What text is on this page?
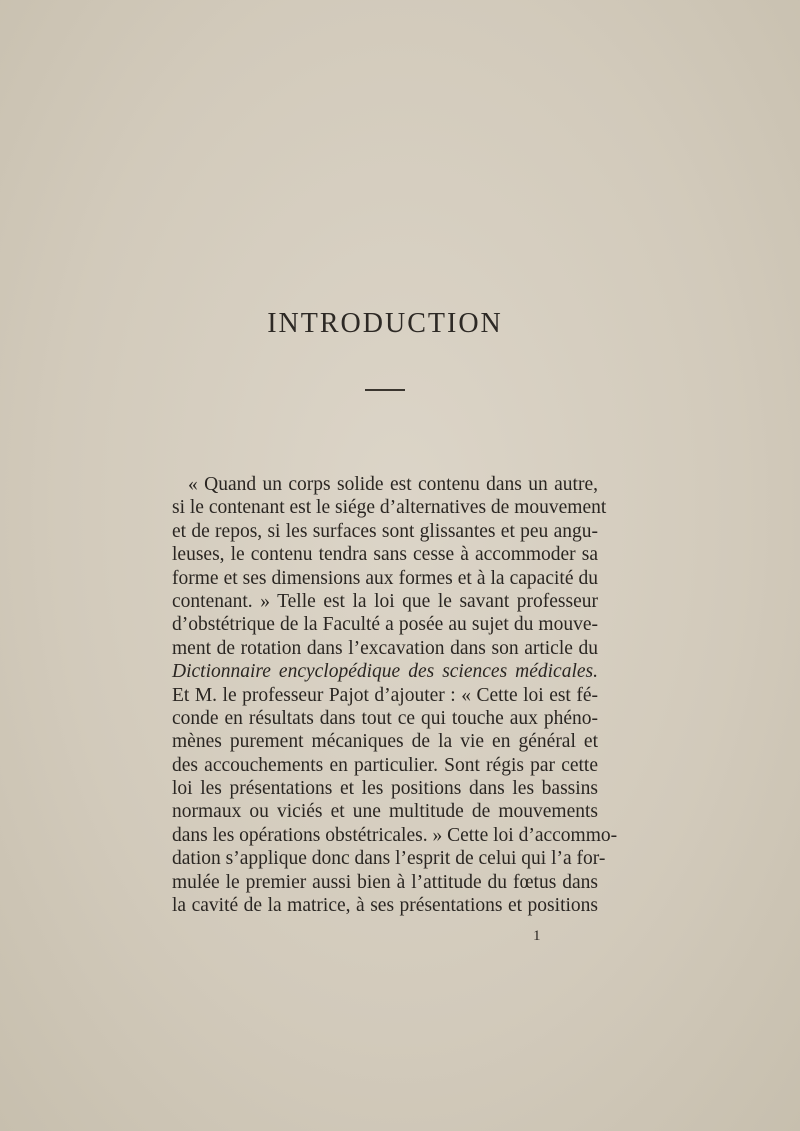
INTRODUCTION
« Quand un corps solide est contenu dans un autre,
si le contenant est le siége d’alternatives de mouvement
et de repos, si les surfaces sont glissantes et peu angu-
leuses, le contenu tendra sans cesse à accommoder sa
forme et ses dimensions aux formes et à la capacité du
contenant. » Telle est la loi que le savant professeur
d’obstétrique de la Faculté a posée au sujet du mouve-
ment de rotation dans l’excavation dans son article du
Dictionnaire encyclopédique des sciences médicales.
Et M. le professeur Pajot d’ajouter : « Cette loi est fé-
conde en résultats dans tout ce qui touche aux phéno-
mènes purement mécaniques de la vie en général et
des accouchements en particulier. Sont régis par cette
loi les présentations et les positions dans les bassins
normaux ou viciés et une multitude de mouvements
dans les opérations obstétricales. » Cette loi d’accommo-
dation s’applique donc dans l’esprit de celui qui l’a for-
mulée le premier aussi bien à l’attitude du fœtus dans
la cavité de la matrice, à ses présentations et positions
1
